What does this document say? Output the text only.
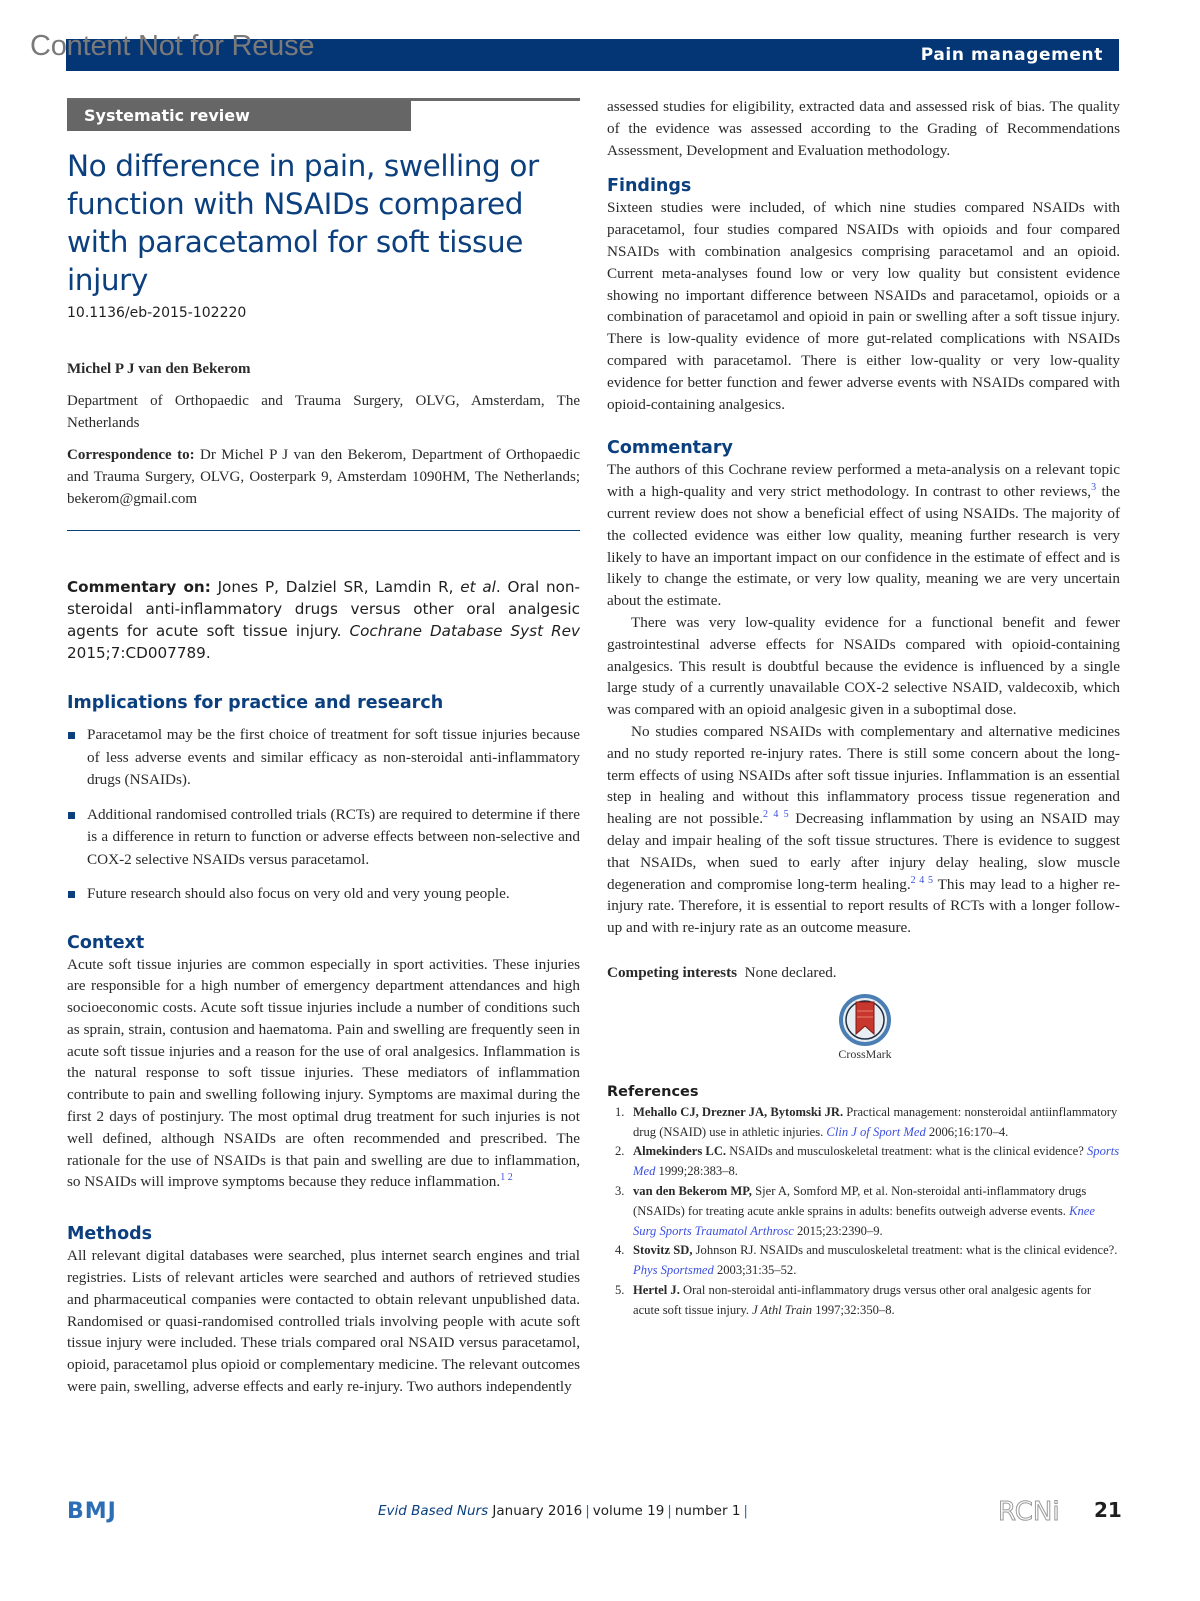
Content Not for Reuse	Pain management
Systematic review
No difference in pain, swelling or function with NSAIDs compared with paracetamol for soft tissue injury
10.1136/eb-2015-102220
Michel P J van den Bekerom
Department of Orthopaedic and Trauma Surgery, OLVG, Amsterdam, The Netherlands
Correspondence to: Dr Michel P J van den Bekerom, Department of Orthopaedic and Trauma Surgery, OLVG, Oosterpark 9, Amsterdam 1090HM, The Netherlands; bekerom@gmail.com
Commentary on: Jones P, Dalziel SR, Lamdin R, et al. Oral non-steroidal anti-inflammatory drugs versus other oral analgesic agents for acute soft tissue injury. Cochrane Database Syst Rev 2015;7:CD007789.
Implications for practice and research
Paracetamol may be the first choice of treatment for soft tissue injuries because of less adverse events and similar efficacy as non-steroidal anti-inflammatory drugs (NSAIDs).
Additional randomised controlled trials (RCTs) are required to determine if there is a difference in return to function or adverse effects between non-selective and COX-2 selective NSAIDs versus paracetamol.
Future research should also focus on very old and very young people.
Context
Acute soft tissue injuries are common especially in sport activities. These injuries are responsible for a high number of emergency department attendances and high socioeconomic costs. Acute soft tissue injuries include a number of conditions such as sprain, strain, contusion and haematoma. Pain and swelling are frequently seen in acute soft tissue injuries and a reason for the use of oral analgesics. Inflammation is the natural response to soft tissue injuries. These mediators of inflammation contribute to pain and swelling following injury. Symptoms are maximal during the first 2 days of postinjury. The most optimal drug treatment for such injuries is not well defined, although NSAIDs are often recommended and prescribed. The rationale for the use of NSAIDs is that pain and swelling are due to inflammation, so NSAIDs will improve symptoms because they reduce inflammation.$^{1 2}$
Methods
All relevant digital databases were searched, plus internet search engines and trial registries. Lists of relevant articles were searched and authors of retrieved studies and pharmaceutical companies were contacted to obtain relevant unpublished data. Randomised or quasi-randomised controlled trials involving people with acute soft tissue injury were included. These trials compared oral NSAID versus paracetamol, opioid, paracetamol plus opioid or complementary medicine. The relevant outcomes were pain, swelling, adverse effects and early re-injury. Two authors independently
assessed studies for eligibility, extracted data and assessed risk of bias. The quality of the evidence was assessed according to the Grading of Recommendations Assessment, Development and Evaluation methodology.
Findings
Sixteen studies were included, of which nine studies compared NSAIDs with paracetamol, four studies compared NSAIDs with opioids and four compared NSAIDs with combination analgesics comprising paracetamol and an opioid. Current meta-analyses found low or very low quality but consistent evidence showing no important difference between NSAIDs and paracetamol, opioids or a combination of paracetamol and opioid in pain or swelling after a soft tissue injury. There is low-quality evidence of more gut-related complications with NSAIDs compared with paracetamol. There is either low-quality or very low-quality evidence for better function and fewer adverse events with NSAIDs compared with opioid-containing analgesics.
Commentary

The authors of this Cochrane review performed a meta-analysis on a relevant topic with a high-quality and very strict methodology. In contrast to other reviews,$^3$ the current review does not show a beneficial effect of using NSAIDs. The majority of the collected evidence was either low quality, meaning further research is very likely to have an important impact on our confidence in the estimate of effect and is likely to change the estimate, or very low quality, meaning we are very uncertain about the estimate.

There was very low-quality evidence for a functional benefit and fewer gastrointestinal adverse effects for NSAIDs compared with opioid-containing analgesics. This result is doubtful because the evidence is influenced by a single large study of a currently unavailable COX-2 selective NSAID, valdecoxib, which was compared with an opioid analgesic given in a suboptimal dose.

No studies compared NSAIDs with complementary and alternative medicines and no study reported re-injury rates. There is still some concern about the long-term effects of using NSAIDs after soft tissue injuries. Inflammation is an essential step in healing and without this inflammatory process tissue regeneration and healing are not possible.$^{2 4 5}$ Decreasing inflammation by using an NSAID may delay and impair healing of the soft tissue structures. There is evidence to suggest that NSAIDs, when sued to early after injury delay healing, slow muscle degeneration and compromise long-term healing.$^{2 4 5}$ This may lead to a higher re-injury rate. Therefore, it is essential to report results of RCTs with a longer follow-up and with re-injury rate as an outcome measure.

Competing interests None declared.
CrossMark
References
1. Mehallo CJ, Drezner JA, Bytomski JR. Practical management: nonsteroidal antiinflammatory drug (NSAID) use in athletic injuries. Clin J of Sport Med 2006;16:170–4.
2. Almekinders LC. NSAIDs and musculoskeletal treatment: what is the clinical evidence? Sports Med 1999;28:383–8.
3. van den Bekerom MP, Sjer A, Somford MP, et al. Non-steroidal anti-inflammatory drugs (NSAIDs) for treating acute ankle sprains in adults: benefits outweigh adverse events. Knee Surg Sports Traumatol Arthrosc 2015;23:2390–9.
4. Stovitz SD, Johnson RJ. NSAIDs and musculoskeletal treatment: what is the clinical evidence?. Phys Sportsmed 2003;31:35–52.
5. Hertel J. Oral non-steroidal anti-inflammatory drugs versus other oral analgesic agents for acute soft tissue injury. J Athl Train 1997;32:350–8.
BMJ	Evid Based Nurs January 2016 | volume 19 | number 1 |	RCNi 21
